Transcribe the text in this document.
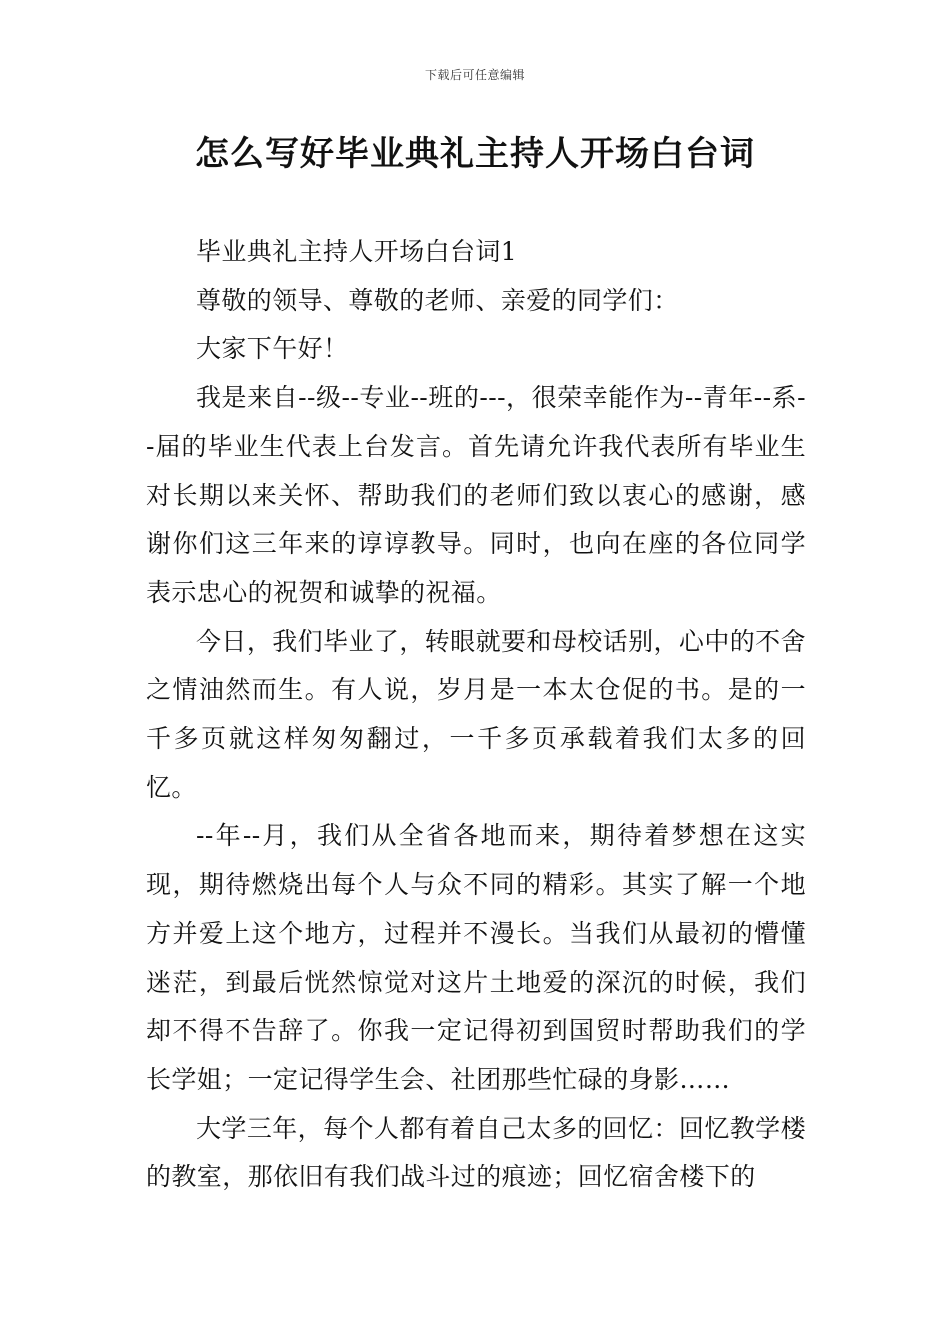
下载后可任意编辑
怎么写好毕业典礼主持人开场白台词

毕业典礼主持人开场白台词1

尊敬的领导、尊敬的老师、亲爱的同学们：

大家下午好！

我是来自--级--专业--班的---，很荣幸能作为--青年--系--届的毕业生代表上台发言。首先请允许我代表所有毕业生对长期以来关怀、帮助我们的老师们致以衷心的感谢，感谢你们这三年来的谆谆教导。同时，也向在座的各位同学表示忠心的祝贺和诚挚的祝福。

今日，我们毕业了，转眼就要和母校话别，心中的不舍之情油然而生。有人说，岁月是一本太仓促的书。是的一千多页就这样匆匆翻过，一千多页承载着我们太多的回忆。

--年--月，我们从全省各地而来，期待着梦想在这实现，期待燃烧出每个人与众不同的精彩。其实了解一个地方并爱上这个地方，过程并不漫长。当我们从最初的懵懂迷茫，到最后恍然惊觉对这片土地爱的深沉的时候，我们却不得不告辞了。你我一定记得初到国贸时帮助我们的学长学姐；一定记得学生会、社团那些忙碌的身影……

大学三年，每个人都有着自己太多的回忆：回忆教学楼的教室，那依旧有我们战斗过的痕迹；回忆宿舍楼下的
